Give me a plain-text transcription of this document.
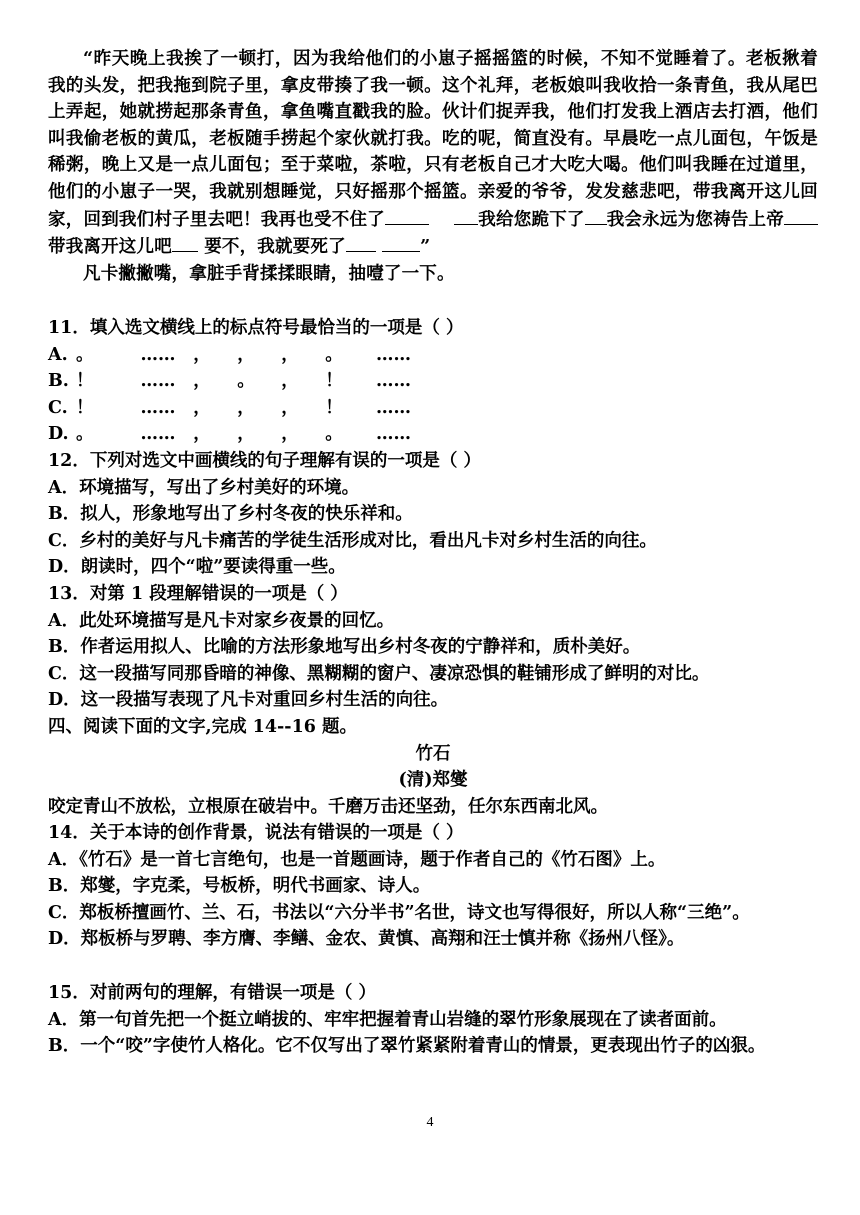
“昨天晚上我挨了一顿打，因为我给他们的小崽子摇摇篮的时候，不知不觉睡着了。老板揪着我的头发，把我拖到院子里，拿皮带揍了我一顿。这个礼拜，老板娘叫我收拾一条青鱼，我从尾巴上弄起，她就捞起那条青鱼，拿鱼嘴直戳我的脸。伙计们捉弄我，他们打发我上酒店去打酒，他们叫我偷老板的黄瓜，老板随手捞起个家伙就打我。吃的呢，简直没有。早晨吃一点儿面包，午饭是稀粥，晚上又是一点儿面包；至于菜啦，茶啦，只有老板自己才大吃大喝。他们叫我睡在过道里，他们的小崽子一哭，我就别想睡觉，只好摇那个摇篮。亲爱的爷爷，发发慈悲吧，带我离开这儿回家，回到我们村子里去吧！我再也受不住了	我给您跪下了 我会永远为您祷告上帝带我离开这儿吧 要不，我就要死了	”

凡卡撇撇嘴，拿脏手背揉揉眼睛，抽噎了一下。

11．填入选文横线上的标点符号最恰当的一项是（ ）
A. 。	……	，	，	，	。	……
B. ！	……	，	。	，	！	……
C. ！	……	，	，	，	！	……
D. 。	……	，	，	，	。	……
12．下列对选文中画横线的句子理解有误的一项是（ ）
A．环境描写，写出了乡村美好的环境。
B．拟人，形象地写出了乡村冬夜的快乐祥和。
C．乡村的美好与凡卡痛苦的学徒生活形成对比，看出凡卡对乡村生活的向往。
D．朗读时，四个“啦”要读得重一些。
13．对第 1 段理解错误的一项是（ ）
A．此处环境描写是凡卡对家乡夜景的回忆。
B．作者运用拟人、比喻的方法形象地写出乡村冬夜的宁静祥和，质朴美好。
C．这一段描写同那昏暗的神像、黑糊糊的窗户、凄凉恐惧的鞋铺形成了鲜明的对比。
D．这一段描写表现了凡卡对重回乡村生活的向往。
四、阅读下面的文字,完成 14--16 题。
竹石
(清)郑燮
咬定青山不放松，立根原在破岩中。千磨万击还坚劲，任尔东西南北风。
14．关于本诗的创作背景，说法有错误的一项是（ ）
A．《竹石》是一首七言绝句，也是一首题画诗，题于作者自己的《竹石图》上。
B．郑燮，字克柔，号板桥，明代书画家、诗人。
C．郑板桥擅画竹、兰、石，书法以“六分半书”名世，诗文也写得很好，所以人称“三绝”。
D．郑板桥与罗聘、李方膺、李鳝、金农、黄慎、高翔和汪士慎并称《扬州八怪》。
15．对前两句的理解，有错误一项是（ ）
A．第一句首先把一个挺立峭拔的、牢牢把握着青山岩缝的翠竹形象展现在了读者面前。
B．一个“咬”字使竹人格化。它不仅写出了翠竹紧紧附着青山的情景，更表现出竹子的凶狠。
4
